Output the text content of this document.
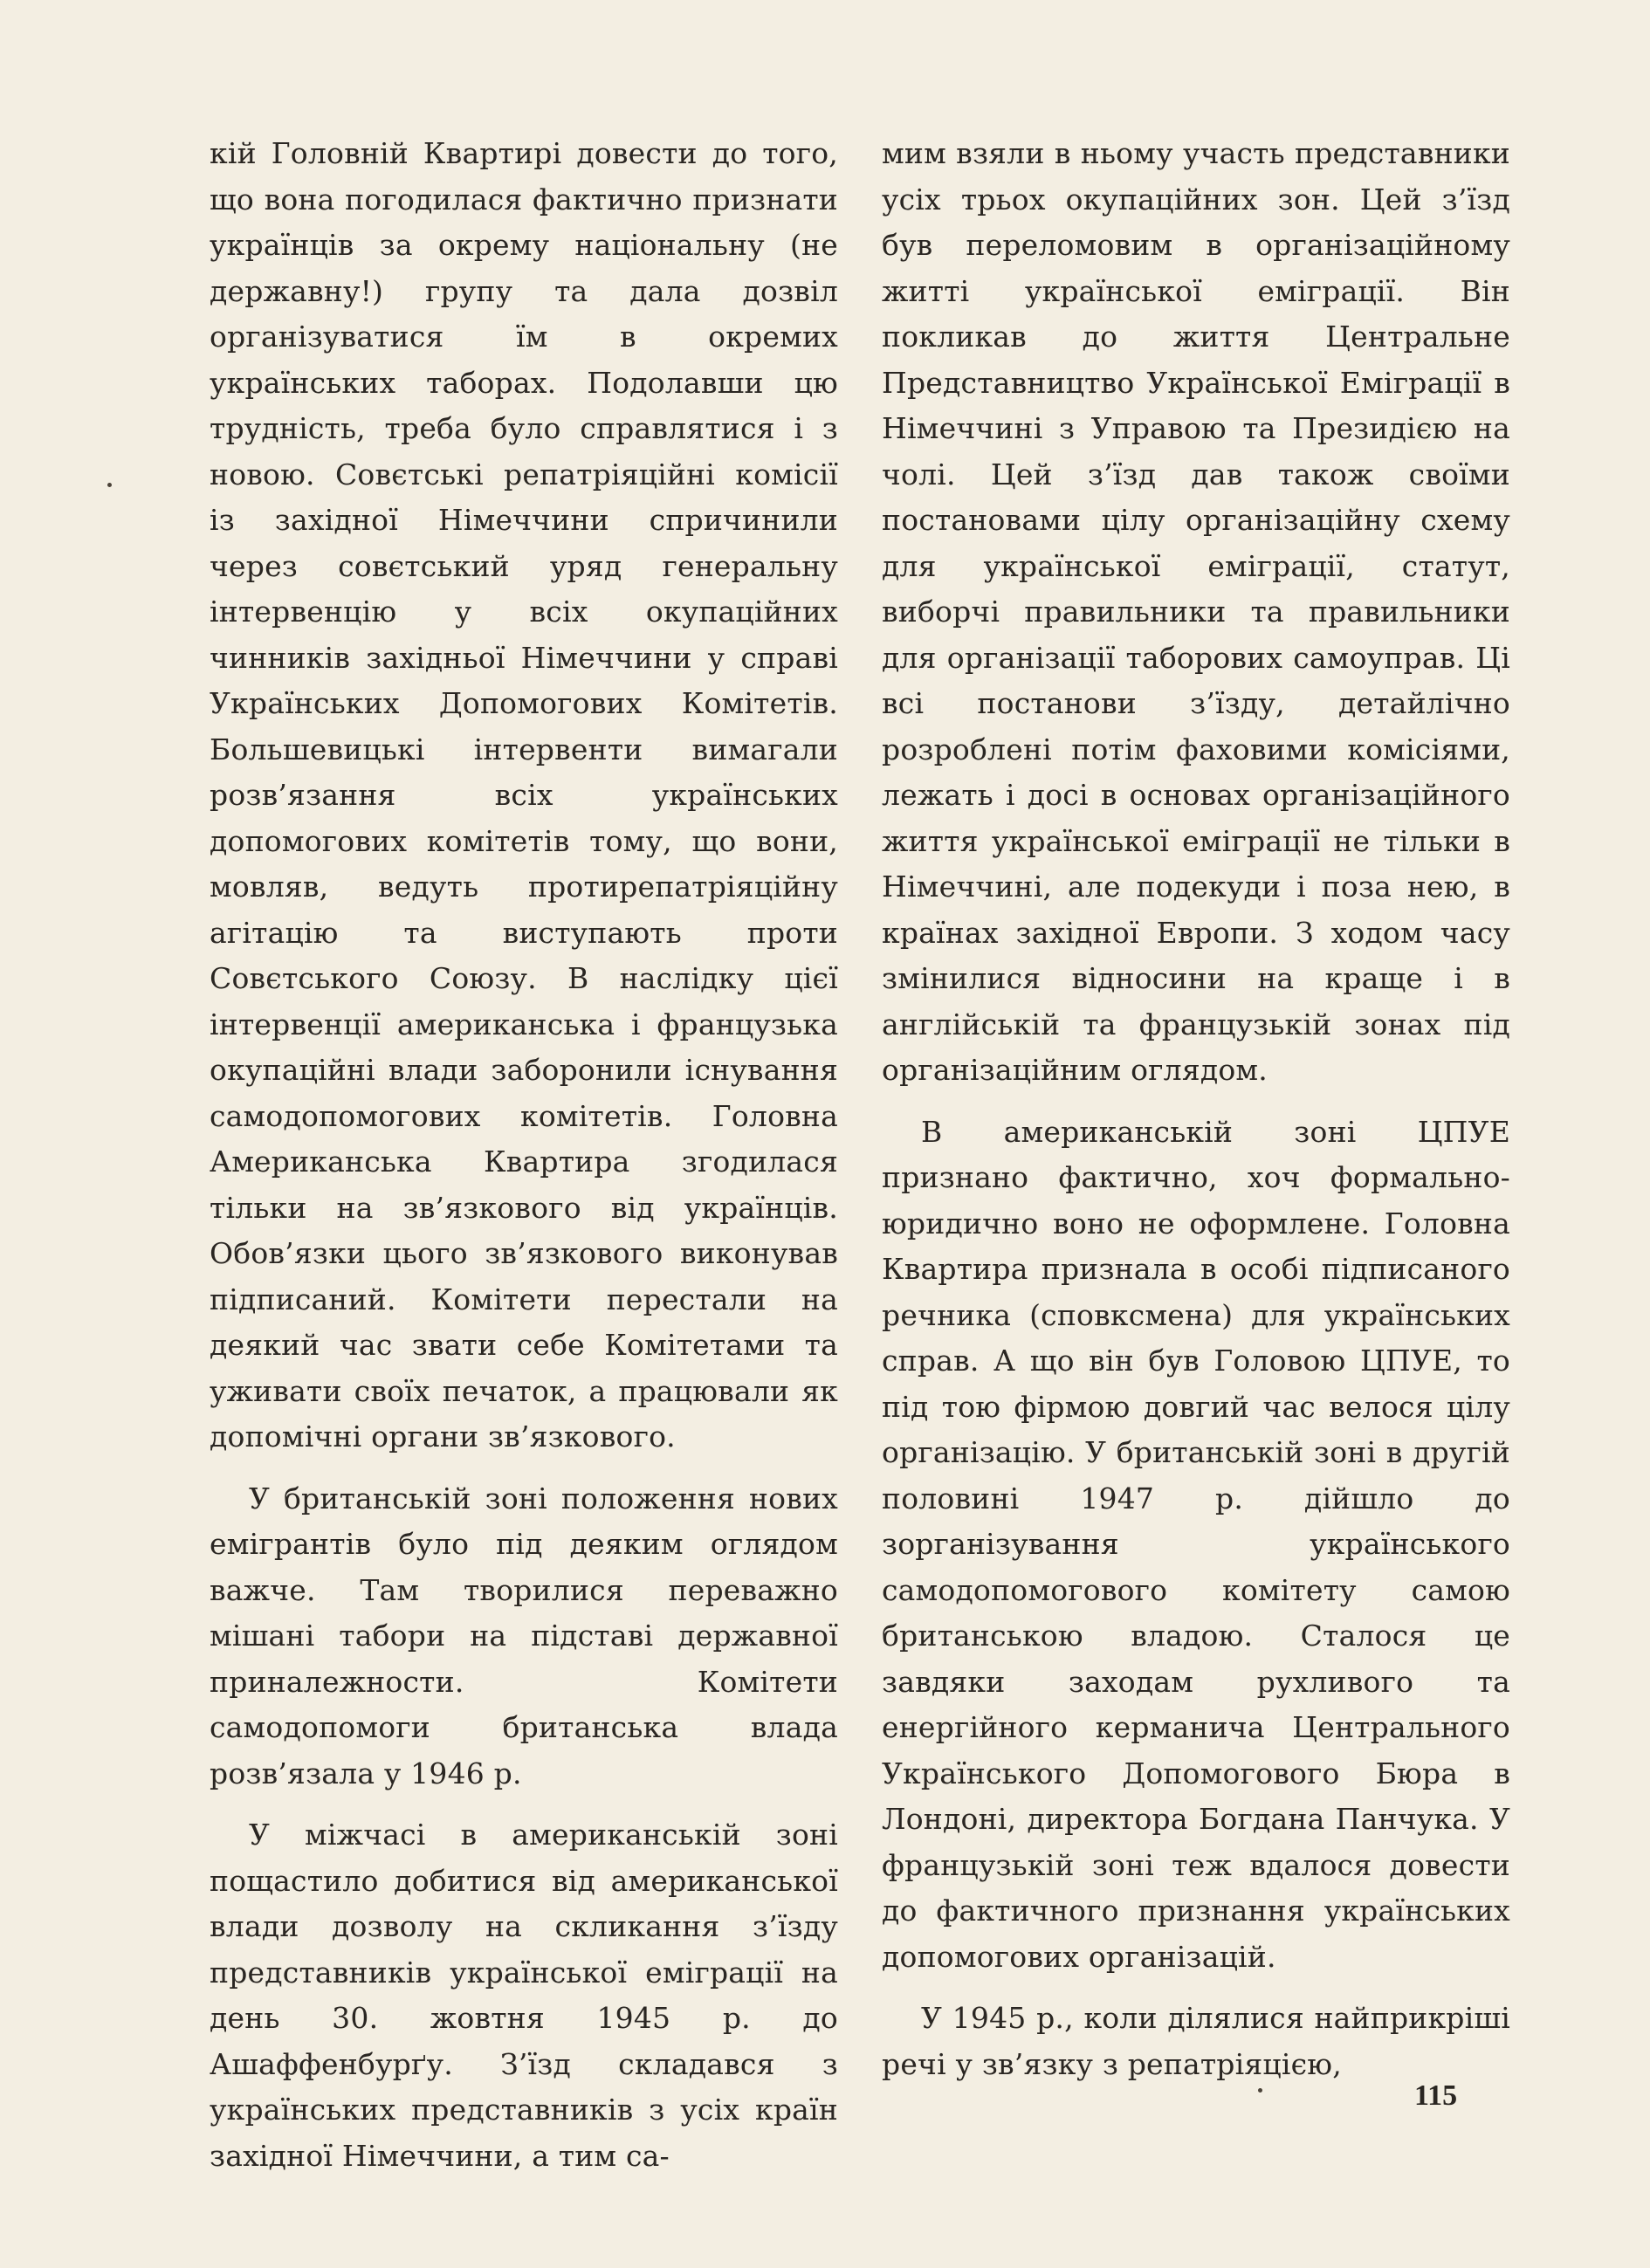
кій Головній Квартирі довести до того, що вона погодилася фактично признати українців за окрему національну (не державну!) групу та дала дозвіл організуватися їм в окремих українських таборах. Подолавши цю трудність, треба було справлятися і з новою. Совєтські репатріяційні комісії із західної Німеччини спричинили через совєтський уряд генеральну інтервенцію у всіх окупаційних чинників західньої Німеччини у справі Українських Допомогових Комітетів. Большевицькі інтервенти вимагали розв’язання всіх українських допомогових комітетів тому, що вони, мовляв, ведуть протирепатріяційну агітацію та виступають проти Совєтського Союзу. В наслідку цієї інтервенції американська і французька окупаційні влади заборонили існування самодопомогових комітетів. Головна Американська Квартира згодилася тільки на зв’язкового від українців. Обов’язки цього зв’язкового виконував підписаний. Комітети перестали на деякий час звати себе Комітетами та уживати своїх печаток, а працювали як допомічні органи зв’язкового.

У британській зоні положення нових емігрантів було під деяким оглядом важче. Там творилися переважно мішані табори на підставі державної приналежности. Комітети самодопомоги британська влада розв’язала у 1946 р.

У міжчасі в американській зоні пощастило добитися від американської влади дозволу на скликання з’їзду представників української еміграції на день 30. жовтня 1945 р. до Ашаффенбурґу. З’їзд складався з українських представників з усіх країн західної Німеччини, а тим са-

мим взяли в ньому участь представники усіх трьох окупаційних зон. Цей з’їзд був переломовим в організаційному житті української еміграції. Він покликав до життя Центральне Представництво Української Еміграції в Німеччині з Управою та Президією на чолі. Цей з’їзд дав також своїми постановами цілу організаційну схему для української еміграції, статут, виборчі правильники та правильники для організації таборових самоуправ. Ці всі постанови з’їзду, детайлічно розроблені потім фаховими комісіями, лежать і досі в основах організаційного життя української еміграції не тільки в Німеччині, але подекуди і поза нею, в країнах західної Европи. З ходом часу змінилися відносини на краще і в англійській та французькій зонах під організаційним оглядом.

В американській зоні ЦПУЕ признано фактично, хоч формально-юридично воно не оформлене. Головна Квартира признала в особі підписаного речника (сповксмена) для українських справ. А що він був Головою ЦПУЕ, то під тою фірмою довгий час велося цілу організацію. У британській зоні в другій половині 1947 р. дійшло до зорганізування українського самодопомогового комітету самою британською владою. Сталося це завдяки заходам рухливого та енергійного керманича Центрального Українського Допомогового Бюра в Лондоні, директора Богдана Панчука. У французькій зоні теж вдалося довести до фактичного признання українських допомогових організацій.

У 1945 р., коли ділялися найприкріші речі у зв’язку з репатріяцією,

115
